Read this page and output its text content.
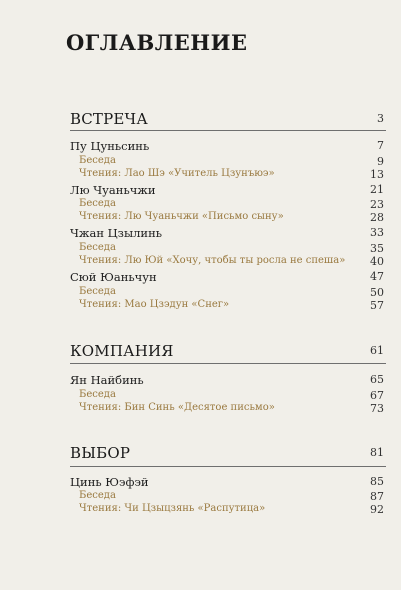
ОГЛАВЛЕНИЕ
ВСТРЕЧА	3
Пу Цуньсинь	7
Беседа	9
Чтения: Лао Шэ «Учитель Цзунъюэ»	13
Лю Чуаньчжи	21
Беседа	23
Чтения: Лю Чуаньчжи «Письмо сыну»	28
Чжан Цзылинь	33
Беседа	35
Чтения: Лю Юй «Хочу, чтобы ты росла не спеша» 40
Сюй Юаньчун	47
Беседа	50
Чтения: Мао Цзэдун «Снег»	57
КОМПАНИЯ	61
Ян Найбинь	65
Беседа	67
Чтения: Бин Синь «Десятое письмо»	73
ВЫБОР	81
Цинь Юэфэй	85
Беседа	87
Чтения: Чи Цзыцзянь «Распутица»	92
